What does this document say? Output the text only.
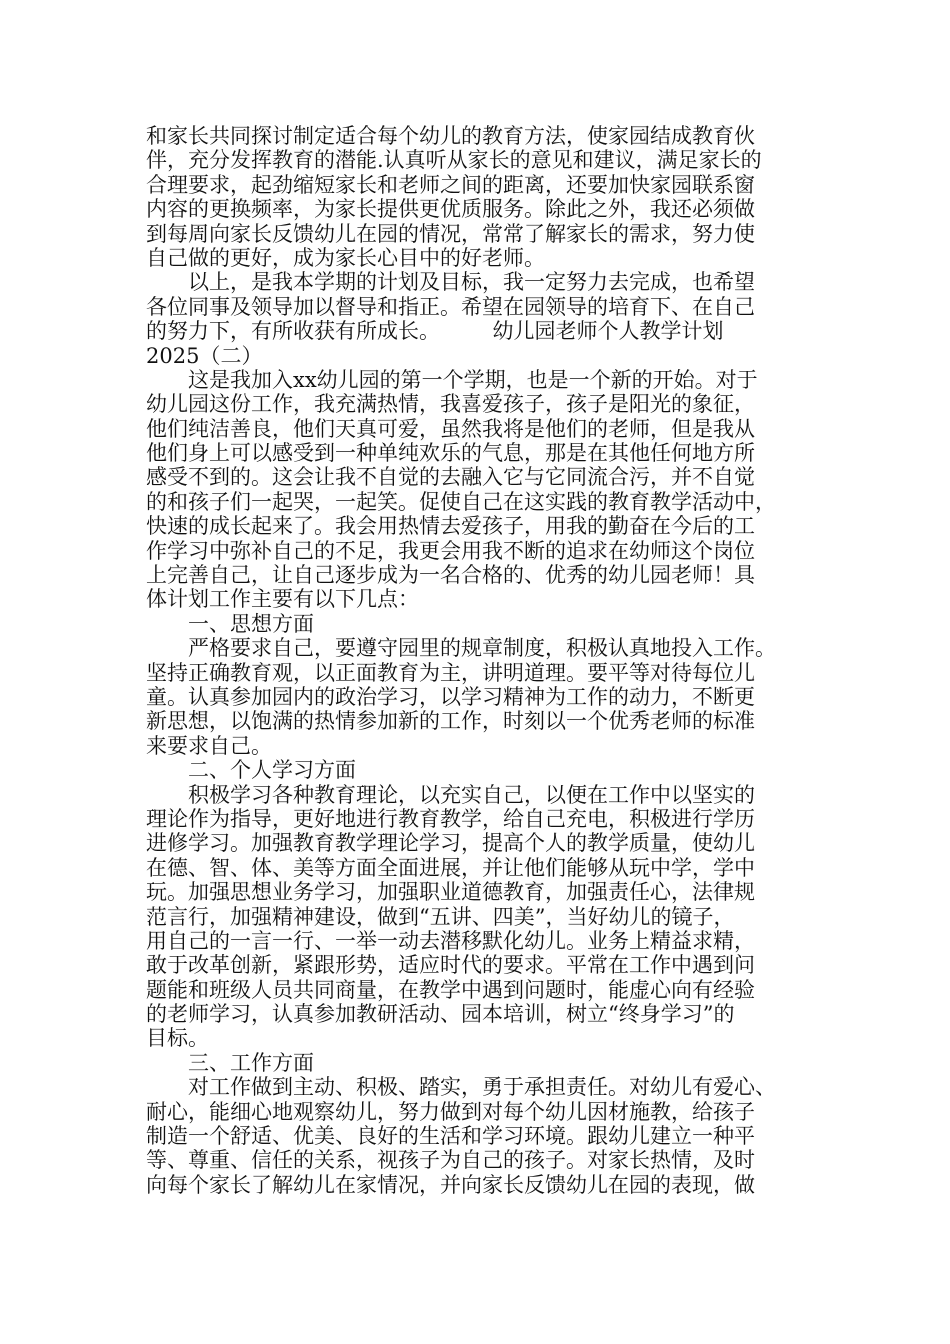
和家长共同探讨制定适合每个幼儿的教育方法，使家园结成教育伙
伴，充分发挥教育的潜能.认真听从家长的意见和建议，满足家长的
合理要求，起劲缩短家长和老师之间的距离，还要加快家园联系窗
内容的更换频率，为家长提供更优质服务。除此之外，我还必须做
到每周向家长反馈幼儿在园的情况，常常了解家长的需求，努力使
自己做的更好，成为家长心目中的好老师。
以上，是我本学期的计划及目标，我一定努力去完成，也希望
各位同事及领导加以督导和指正。希望在园领导的培育下、在自己
的努力下，有所收获有所成长。　　　幼儿园老师个人教学计划
2025（二）
这是我加入xx幼儿园的第一个学期，也是一个新的开始。对于
幼儿园这份工作，我充满热情，我喜爱孩子，孩子是阳光的象征，
他们纯洁善良，他们天真可爱，虽然我将是他们的老师，但是我从
他们身上可以感受到一种单纯欢乐的气息，那是在其他任何地方所
感受不到的。这会让我不自觉的去融入它与它同流合污，并不自觉
的和孩子们一起哭，一起笑。促使自己在这实践的教育教学活动中，
快速的成长起来了。我会用热情去爱孩子，用我的勤奋在今后的工
作学习中弥补自己的不足，我更会用我不断的追求在幼师这个岗位
上完善自己，让自己逐步成为一名合格的、优秀的幼儿园老师！具
体计划工作主要有以下几点：
一、思想方面
严格要求自己，要遵守园里的规章制度，积极认真地投入工作。
坚持正确教育观，以正面教育为主，讲明道理。要平等对待每位儿
童。认真参加园内的政治学习，以学习精神为工作的动力，不断更
新思想，以饱满的热情参加新的工作，时刻以一个优秀老师的标准
来要求自己。
二、个人学习方面
积极学习各种教育理论，以充实自己，以便在工作中以坚实的
理论作为指导，更好地进行教育教学，给自己充电，积极进行学历
进修学习。加强教育教学理论学习，提高个人的教学质量，使幼儿
在德、智、体、美等方面全面进展，并让他们能够从玩中学，学中
玩。加强思想业务学习，加强职业道德教育，加强责任心，法律规
范言行，加强精神建设，做到“五讲、四美”，当好幼儿的镜子，
用自己的一言一行、一举一动去潜移默化幼儿。业务上精益求精，
敢于改革创新，紧跟形势，适应时代的要求。平常在工作中遇到问
题能和班级人员共同商量，在教学中遇到问题时，能虚心向有经验
的老师学习，认真参加教研活动、园本培训，树立“终身学习”的
目标。
三、工作方面
对工作做到主动、积极、踏实，勇于承担责任。对幼儿有爱心、
耐心，能细心地观察幼儿，努力做到对每个幼儿因材施教，给孩子
制造一个舒适、优美、良好的生活和学习环境。跟幼儿建立一种平
等、尊重、信任的关系，视孩子为自己的孩子。对家长热情，及时
向每个家长了解幼儿在家情况，并向家长反馈幼儿在园的表现，做
